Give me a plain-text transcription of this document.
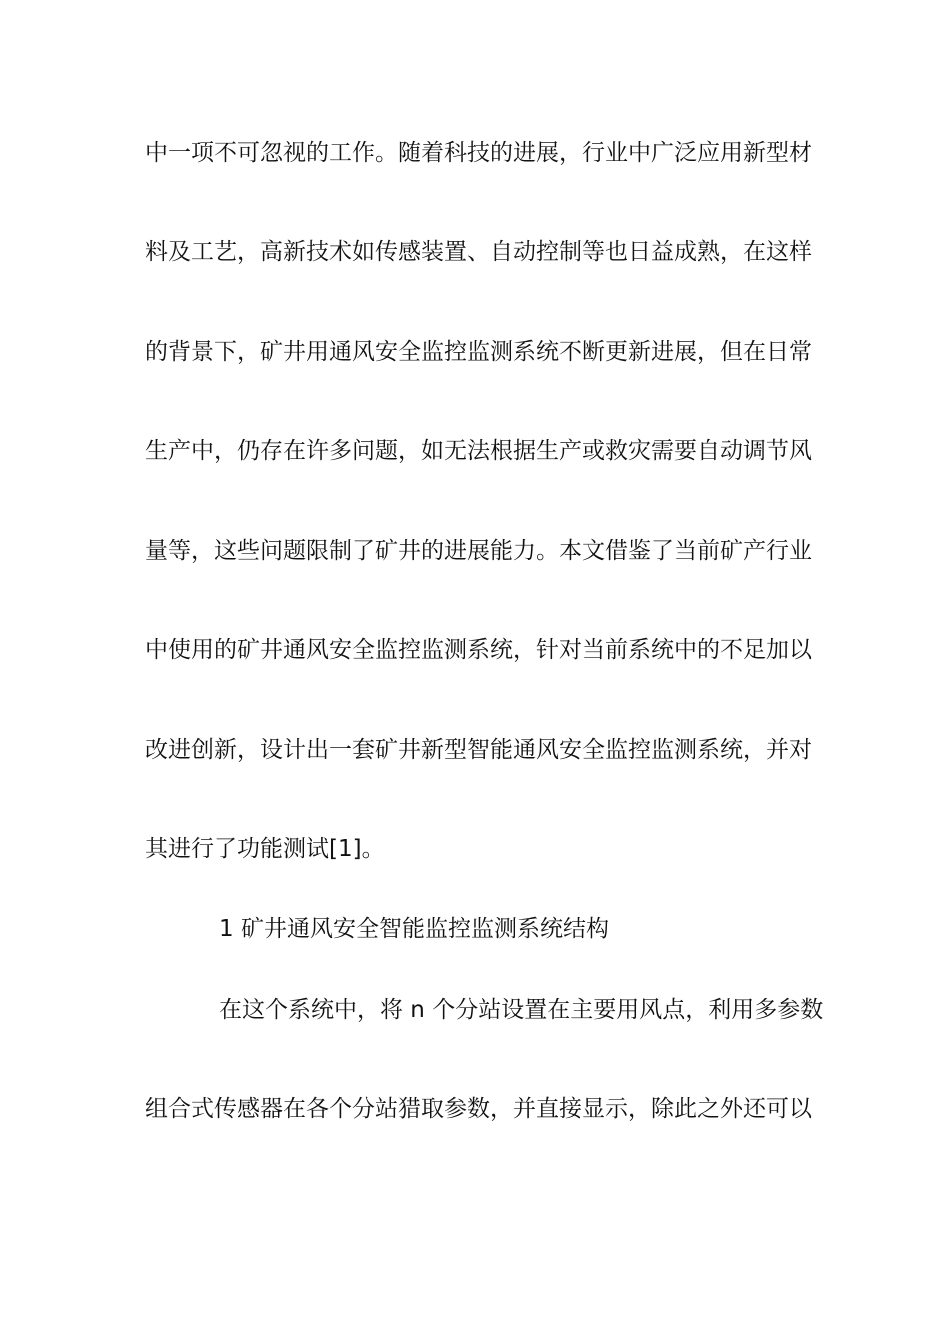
中一项不可忽视的工作。随着科技的进展，行业中广泛应用新型材
料及工艺，高新技术如传感装置、自动控制等也日益成熟，在这样
的背景下，矿井用通风安全监控监测系统不断更新进展，但在日常
生产中，仍存在许多问题，如无法根据生产或救灾需要自动调节风
量等，这些问题限制了矿井的进展能力。本文借鉴了当前矿产行业
中使用的矿井通风安全监控监测系统，针对当前系统中的不足加以
改进创新，设计出一套矿井新型智能通风安全监控监测系统，并对
其进行了功能测试[1]。
1 矿井通风安全智能监控监测系统结构
在这个系统中，将 n 个分站设置在主要用风点，利用多参数
组合式传感器在各个分站猎取参数，并直接显示，除此之外还可以
